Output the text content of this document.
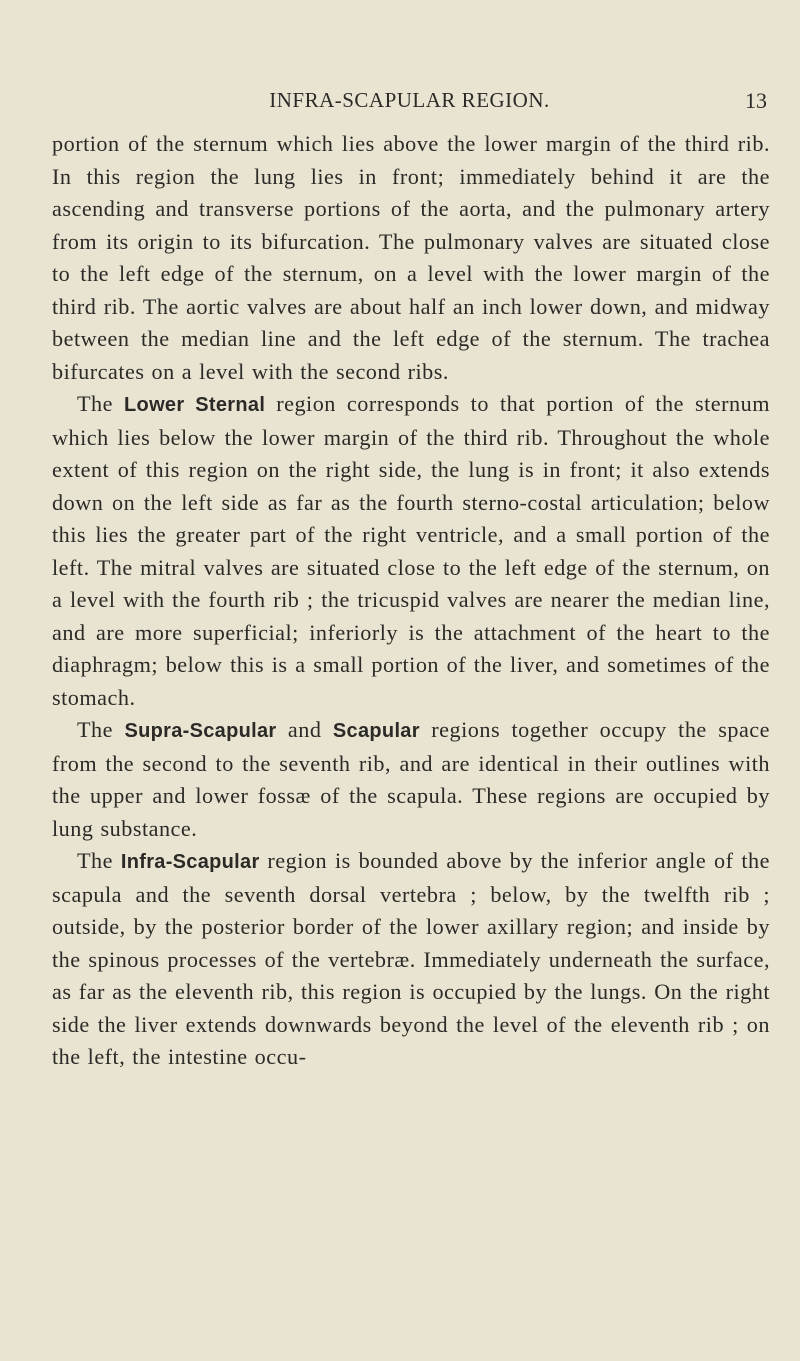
INFRA-SCAPULAR REGION.	13

portion of the sternum which lies above the lower margin of the third rib. In this region the lung lies in front; immediately behind it are the ascending and transverse portions of the aorta, and the pulmonary artery from its origin to its bifurcation. The pulmonary valves are situated close to the left edge of the sternum, on a level with the lower margin of the third rib. The aortic valves are about half an inch lower down, and midway between the median line and the left edge of the sternum. The trachea bifurcates on a level with the second ribs.

The Lower Sternal region corresponds to that portion of the sternum which lies below the lower margin of the third rib. Throughout the whole extent of this region on the right side, the lung is in front; it also extends down on the left side as far as the fourth sterno-costal articulation; below this lies the greater part of the right ventricle, and a small portion of the left. The mitral valves are situated close to the left edge of the sternum, on a level with the fourth rib ; the tricuspid valves are nearer the median line, and are more superficial; inferiorly is the attachment of the heart to the diaphragm; below this is a small portion of the liver, and sometimes of the stomach.

The Supra-Scapular and Scapular regions together occupy the space from the second to the seventh rib, and are identical in their outlines with the upper and lower fossæ of the scapula. These regions are occupied by lung substance.

The Infra-Scapular region is bounded above by the inferior angle of the scapula and the seventh dorsal vertebra ; below, by the twelfth rib ; outside, by the posterior border of the lower axillary region; and inside by the spinous processes of the vertebræ. Immediately underneath the surface, as far as the eleventh rib, this region is occupied by the lungs. On the right side the liver extends downwards beyond the level of the eleventh rib ; on the left, the intestine occu-
